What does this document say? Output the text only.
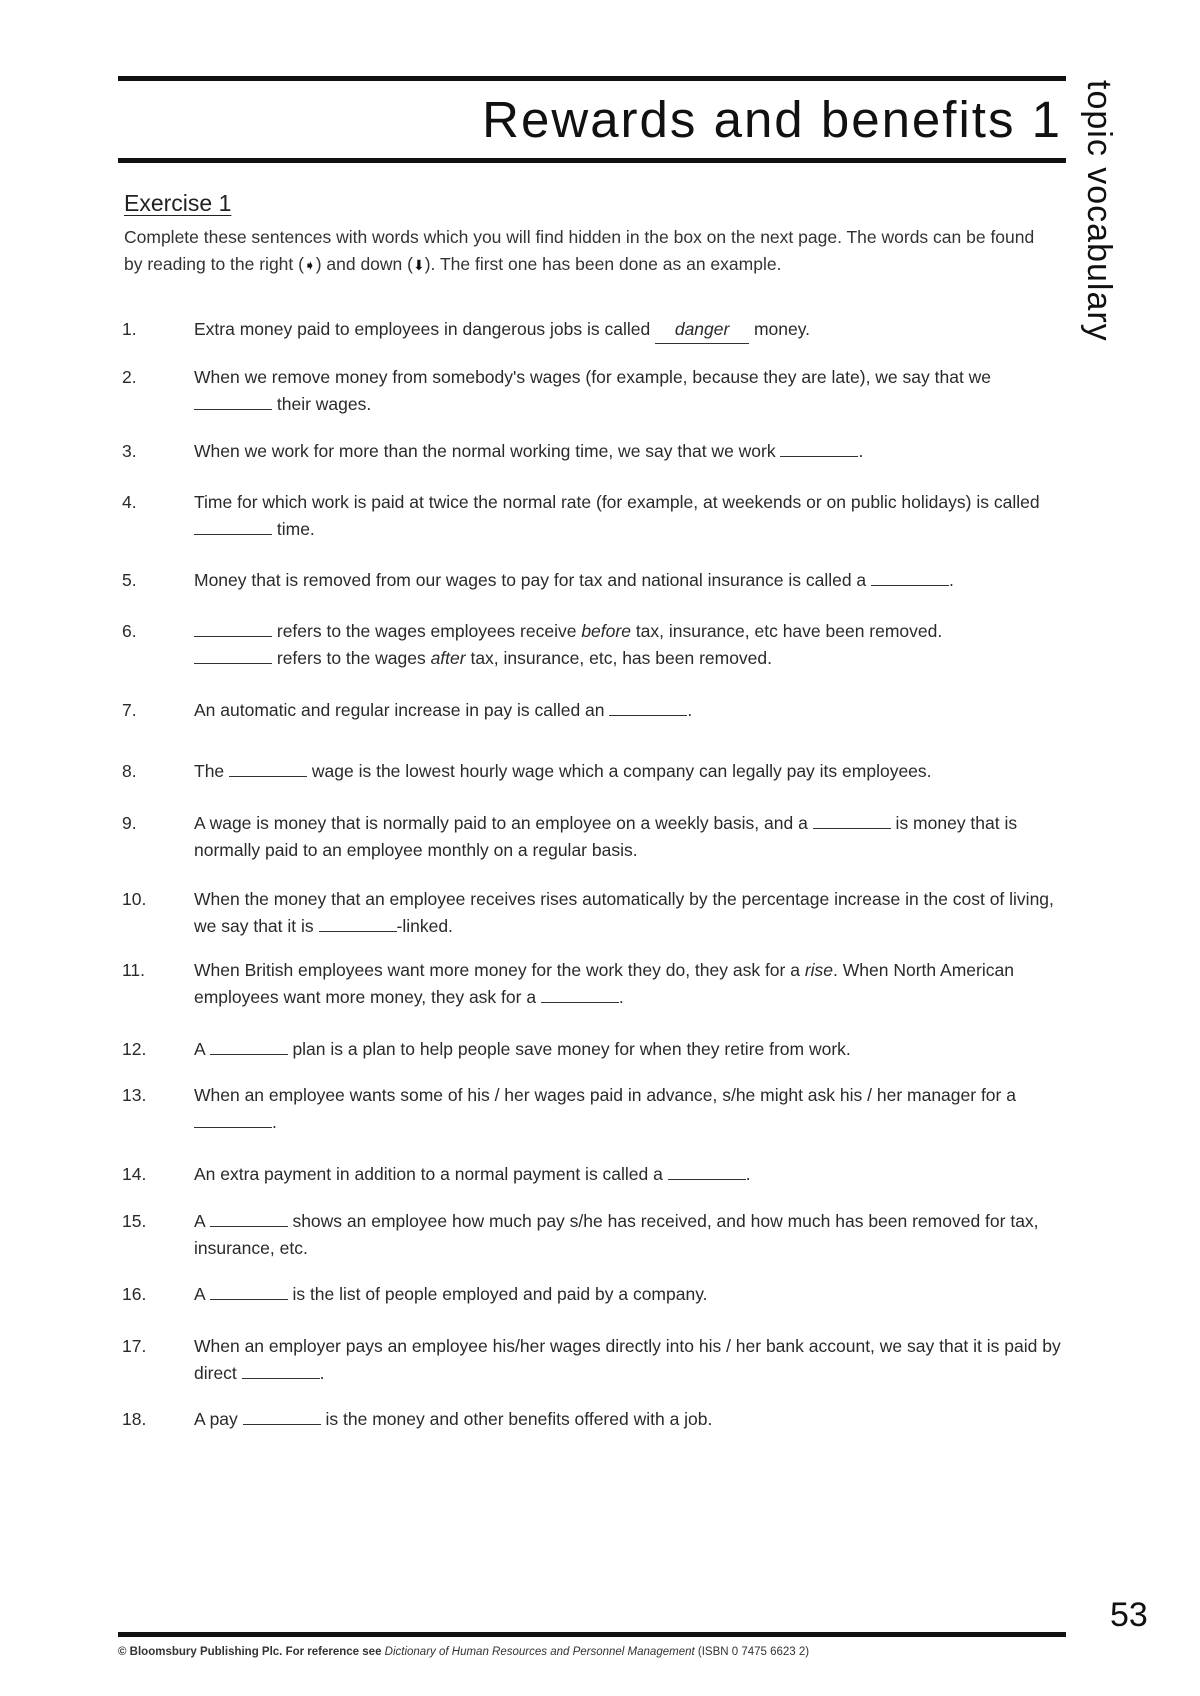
Rewards and benefits 1 topic vocabulary
Exercise 1
Complete these sentences with words which you will find hidden in the box on the next page. The words can be found by reading to the right (➧) and down (⬇). The first one has been done as an example.
1.	Extra money paid to employees in dangerous jobs is called danger money.
2.	When we remove money from somebody's wages (for example, because they are late), we say that we  their wages.
3.	When we work for more than the normal working time, we say that we work	.
4.	Time for which work is paid at twice the normal rate (for example, at weekends or on public holidays) is called  time.
5.	Money that is removed from our wages to pay for tax and national insurance is called a	.
6.	refers to the wages employees receive before tax, insurance, etc have been removed.
refers to the wages after tax, insurance, etc, has been removed.
7.	An automatic and regular increase in pay is called an	.
8.	The	wage is the lowest hourly wage which a company can legally pay its employees.
9.	A wage is money that is normally paid to an employee on a weekly basis, and a	is money that is normally paid to an employee monthly on a regular basis.
10.	When the money that an employee receives rises automatically by the percentage increase in the cost of living, we say that it is	-linked.
11.	When British employees want more money for the work they do, they ask for a rise. When North American employees want more money, they ask for a	.
12.	A	plan is a plan to help people save money for when they retire from work.
13.	When an employee wants some of his / her wages paid in advance, s/he might ask his / her manager for a .
14.	An extra payment in addition to a normal payment is called a	.
15.	A	shows an employee how much pay s/he has received, and how much has been removed for tax, insurance, etc.
16.	A	is the list of people employed and paid by a company.
17.	When an employer pays an employee his/her wages directly into his / her bank account, we say that it is paid by direct	.
18.	A pay	is the money and other benefits offered with a job.
53
© Bloomsbury Publishing Plc. For reference see Dictionary of Human Resources and Personnel Management (ISBN 0 7475 6623 2)
